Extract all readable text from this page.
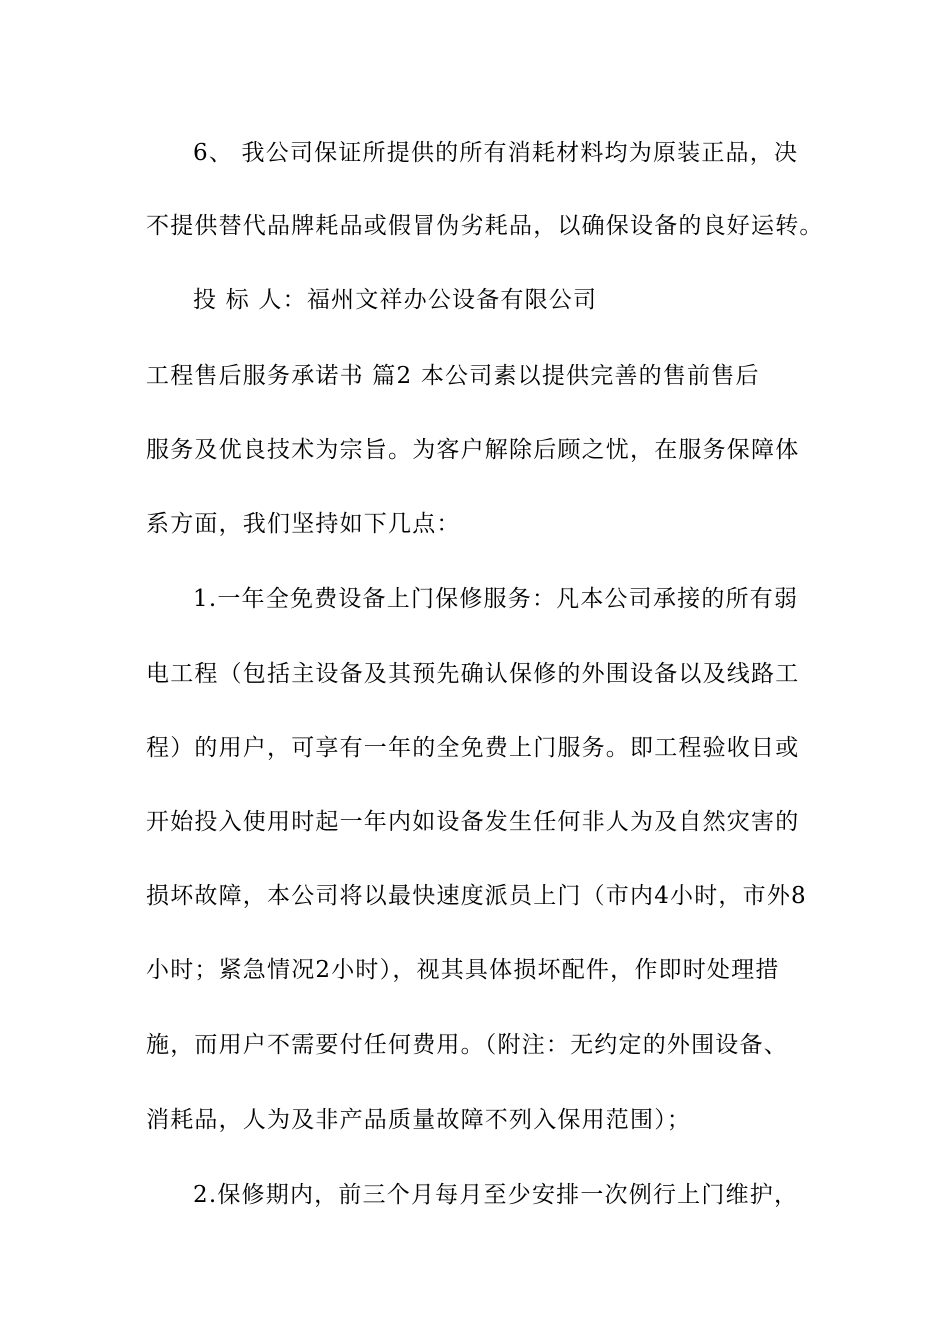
6、 我公司保证所提供的所有消耗材料均为原装正品，决
不提供替代品牌耗品或假冒伪劣耗品，以确保设备的良好运转。
投 标 人：福州文祥办公设备有限公司
工程售后服务承诺书 篇2 本公司素以提供完善的售前售后
服务及优良技术为宗旨。为客户解除后顾之忧，在服务保障体
系方面，我们坚持如下几点：
1.一年全免费设备上门保修服务：凡本公司承接的所有弱
电工程（包括主设备及其预先确认保修的外围设备以及线路工
程）的用户，可享有一年的全免费上门服务。即工程验收日或
开始投入使用时起一年内如设备发生任何非人为及自然灾害的
损坏故障，本公司将以最快速度派员上门（市内4小时，市外8
小时；紧急情况2小时），视其具体损坏配件，作即时处理措
施，而用户不需要付任何费用。（附注：无约定的外围设备、
消耗品，人为及非产品质量故障不列入保用范围）；
2.保修期内，前三个月每月至少安排一次例行上门维护，
